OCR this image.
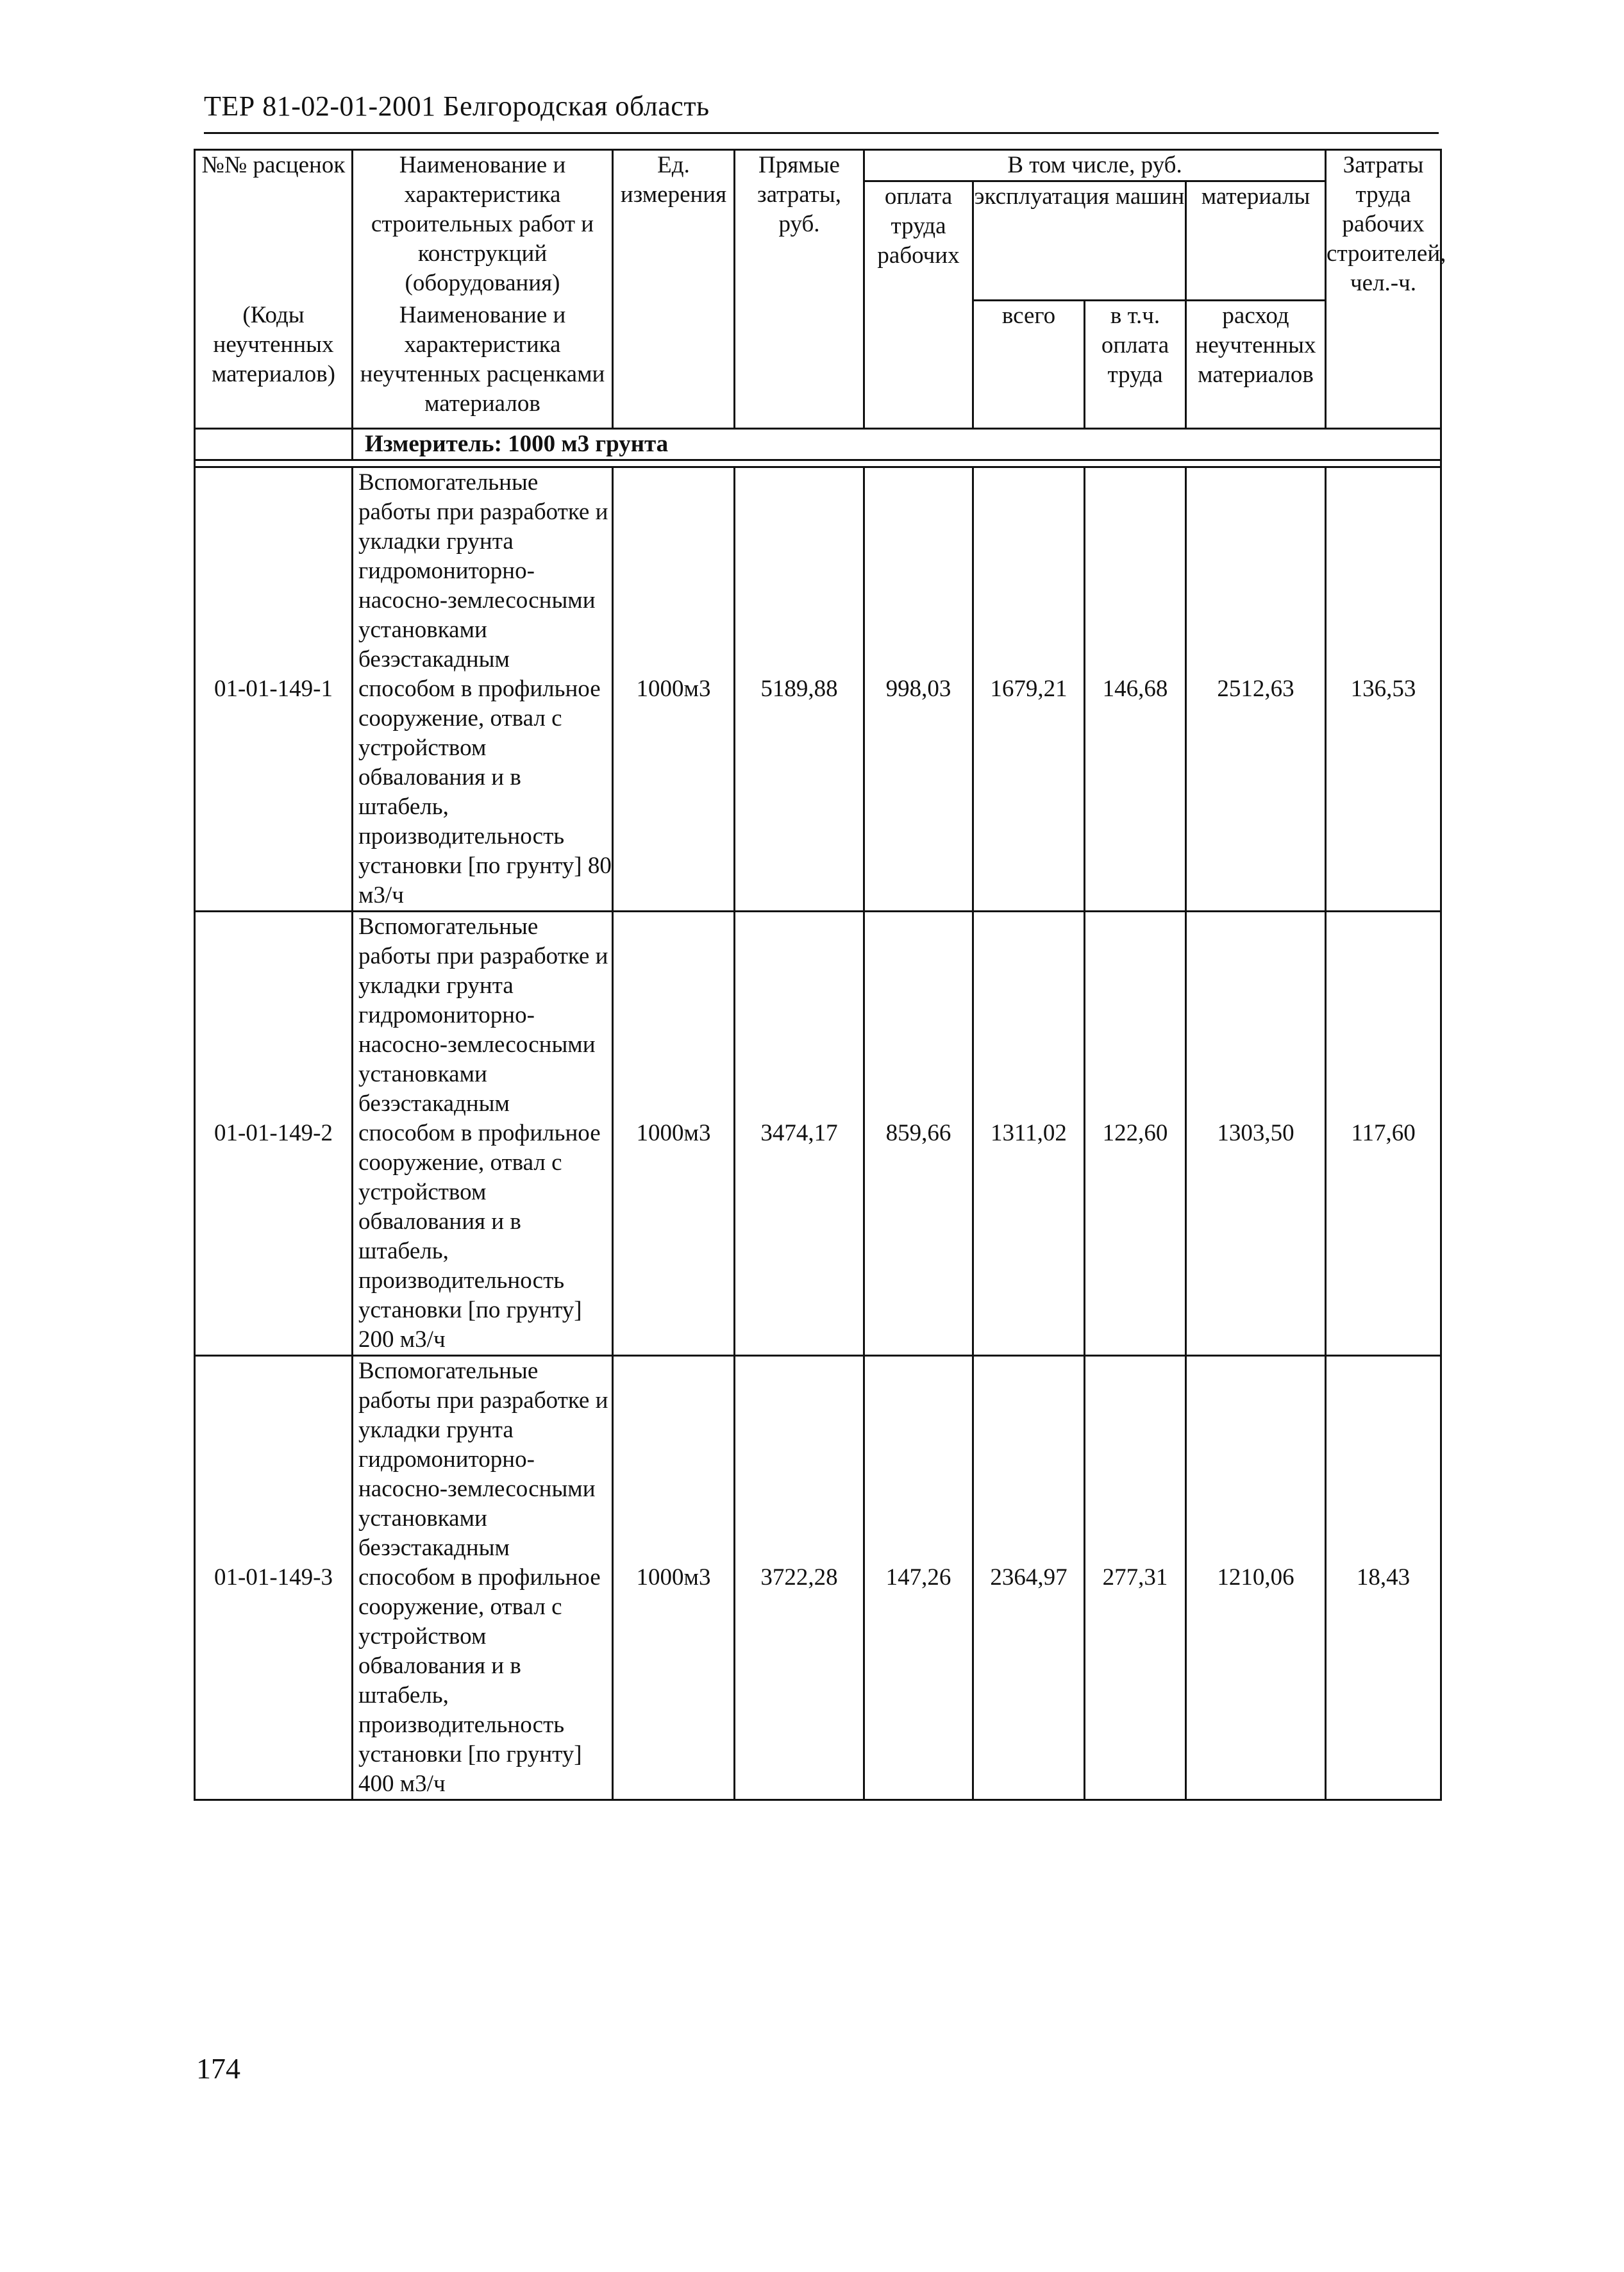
ТЕР 81-02-01-2001 Белгородская область
№№ расценок	Наименование и характеристика строительных работ и конструкций (оборудования)	Ед. измерения	Прямые затраты, руб.	В том числе, руб.				Затраты труда рабочих строителей, чел.-ч.
				оплата труда рабочих	эксплуатация машин		материалы	
(Коды неучтенных материалов)	Наименование и характеристика неучтенных расценками материалов				всего	в т.ч. оплата труда	расход неучтенных материалов	
	Измеритель: 1000 м3 грунта							

01-01-149-1	Вспомогательные работы при разработке и укладки грунта гидромониторно-насосно-землесосными установками безэстакадным способом в профильное сооружение, отвал с устройством обвалования и в штабель, производительность установки [по грунту] 80 м3/ч	1000м3	5189,88	998,03	1679,21	146,68	2512,63	136,53
01-01-149-2	Вспомогательные работы при разработке и укладки грунта гидромониторно-насосно-землесосными установками безэстакадным способом в профильное сооружение, отвал с устройством обвалования и в штабель, производительность установки [по грунту] 200 м3/ч	1000м3	3474,17	859,66	1311,02	122,60	1303,50	117,60
01-01-149-3	Вспомогательные работы при разработке и укладки грунта гидромониторно-насосно-землесосными установками безэстакадным способом в профильное сооружение, отвал с устройством обвалования и в штабель, производительность установки [по грунту] 400 м3/ч	1000м3	3722,28	147,26	2364,97	277,31	1210,06	18,43
174
